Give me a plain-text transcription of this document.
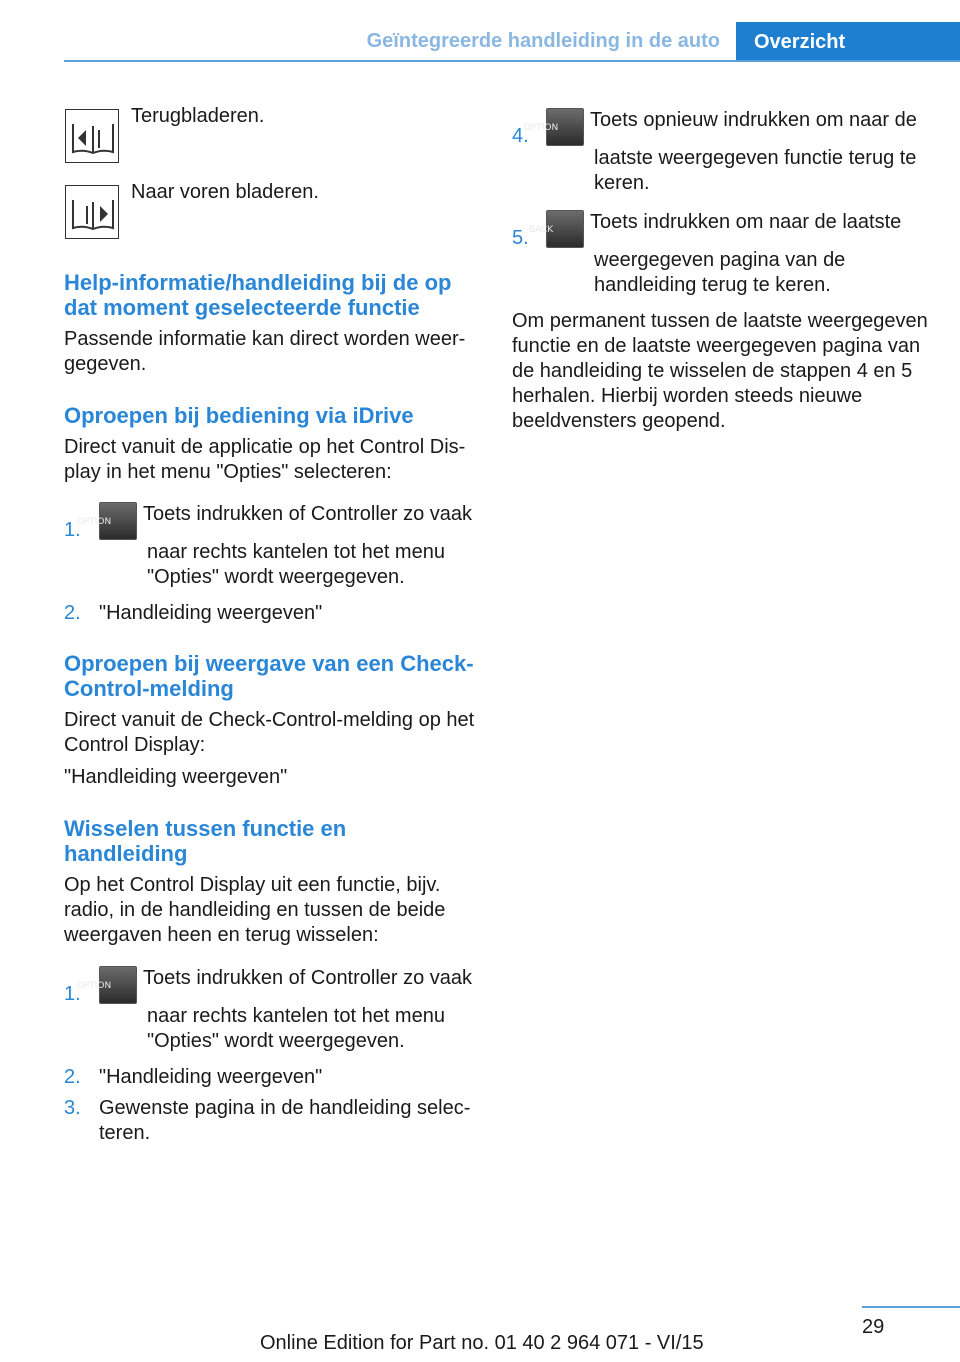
Geïntegreerde handleiding in de auto Overzicht

Terugbladeren.

Naar voren bladeren.

Help-informatie/handleiding bij de op dat moment geselecteerde functie

Passende informatie kan direct worden weergegeven.

Oproepen bij bediening via iDrive

Direct vanuit de applicatie op het Control Display in het menu "Opties" selecteren:

1.
OPTION Toets indrukken of Controller zo vaak naar rechts kantelen tot het menu "Opties" wordt weergegeven.
2. "Handleiding weergeven"

Oproepen bij weergave van een Check-Control-melding

Direct vanuit de Check-Control-melding op het Control Display:

"Handleiding weergeven"

Wisselen tussen functie en handleiding

Op het Control Display uit een functie, bijv. radio, in de handleiding en tussen de beide weergaven heen en terug wisselen:

1.
OPTION Toets indrukken of Controller zo vaak naar rechts kantelen tot het menu "Opties" wordt weergegeven.
2. "Handleiding weergeven"

3. Gewenste pagina in de handleiding selecteren.

4.
OPTION Toets opnieuw indrukken om naar de laatste weergegeven functie terug te keren.
5. BACK Toets indrukken om naar de laatste weergegeven pagina van de handleiding terug te keren.

Om permanent tussen de laatste weergegeven functie en de laatste weergegeven pagina van de handleiding te wisselen de stappen 4 en 5 herhalen. Hierbij worden steeds nieuwe beeldvensters geopend.

29
Online Edition for Part no. 01 40 2 964 071 - VI/15
